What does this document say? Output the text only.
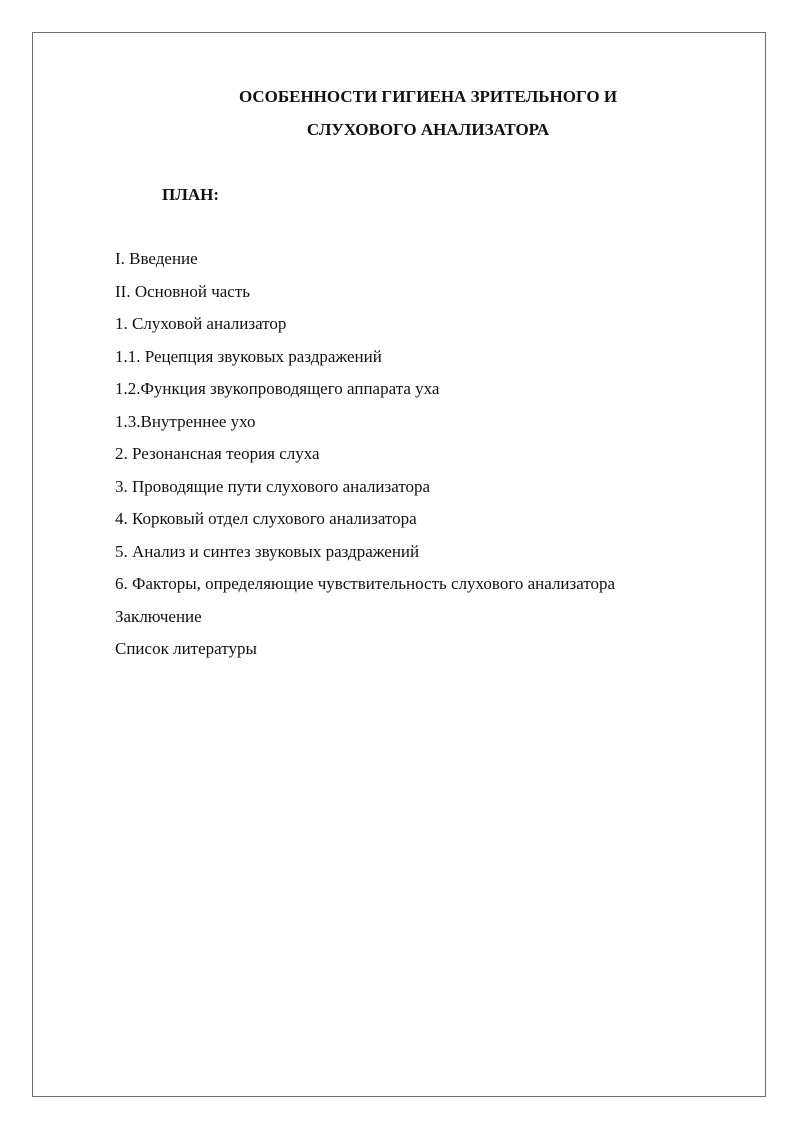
ОСОБЕННОСТИ ГИГИЕНА ЗРИТЕЛЬНОГО И
СЛУХОВОГО АНАЛИЗАТОРА
ПЛАН:
I. Введение
II. Основной часть
1. Слуховой анализатор
1.1. Рецепция звуковых раздражений
1.2.Функция звукопроводящего аппарата уха
1.3.Внутреннее ухо
2. Резонансная теория слуха
3. Проводящие пути слухового анализатора
4. Корковый отдел слухового анализатора
5. Анализ и синтез звуковых раздражений
6. Факторы, определяющие чувствительность слухового анализатора
Заключение
Список литературы
